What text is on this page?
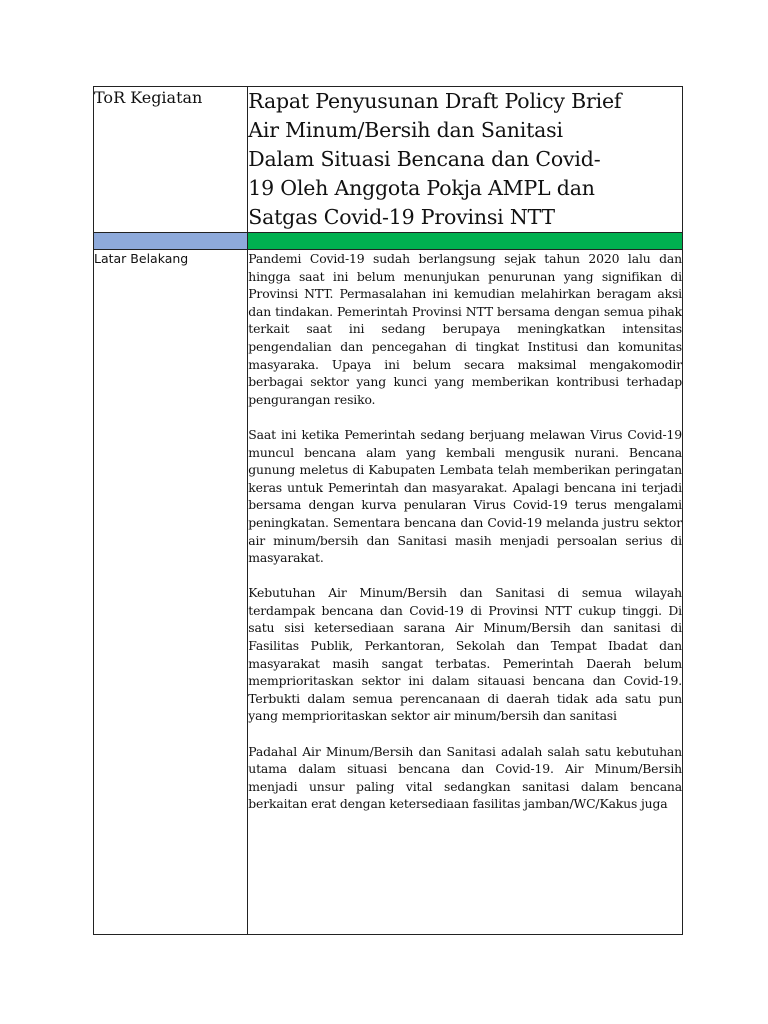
ToR Kegiatan	Rapat Penyusunan Draft Policy Brief
Air Minum/Bersih dan Sanitasi
Dalam Situasi Bencana dan Covid-
19 Oleh Anggota Pokja AMPL dan
Satgas Covid-19 Provinsi NTT

Latar Belakang	Pandemi Covid-19 sudah berlangsung sejak tahun 2020 lalu dan hingga saat ini belum menunjukan penurunan yang signifikan di Provinsi NTT. Permasalahan ini kemudian melahirkan beragam aksi dan tindakan. Pemerintah Provinsi NTT bersama dengan semua pihak terkait saat ini sedang berupaya meningkatkan intensitas pengendalian dan pencegahan di tingkat Institusi dan komunitas masyaraka. Upaya ini belum secara maksimal mengakomodir berbagai sektor yang kunci yang memberikan kontribusi terhadap pengurangan resiko.

Saat ini ketika Pemerintah sedang berjuang melawan Virus Covid-19 muncul bencana alam yang kembali mengusik nurani. Bencana gunung meletus di Kabupaten Lembata telah memberikan peringatan keras untuk Pemerintah dan masyarakat. Apalagi bencana ini terjadi bersama dengan kurva penularan Virus Covid-19 terus mengalami peningkatan. Sementara bencana dan Covid-19 melanda justru sektor air minum/bersih dan Sanitasi masih menjadi persoalan serius di masyarakat.

Kebutuhan Air Minum/Bersih dan Sanitasi di semua wilayah terdampak bencana dan Covid-19 di Provinsi NTT cukup tinggi. Di satu sisi ketersediaan sarana Air Minum/Bersih dan sanitasi di Fasilitas Publik, Perkantoran, Sekolah dan Tempat Ibadat dan masyarakat masih sangat terbatas. Pemerintah Daerah belum memprioritaskan sektor ini dalam sitauasi bencana dan Covid-19. Terbukti dalam semua perencanaan di daerah tidak ada satu pun yang memprioritaskan sektor air minum/bersih dan sanitasi

Padahal Air Minum/Bersih dan Sanitasi adalah salah satu kebutuhan utama dalam situasi bencana dan Covid-19. Air Minum/Bersih menjadi unsur paling vital sedangkan sanitasi dalam bencana berkaitan erat dengan ketersediaan fasilitas jamban/WC/Kakus juga
